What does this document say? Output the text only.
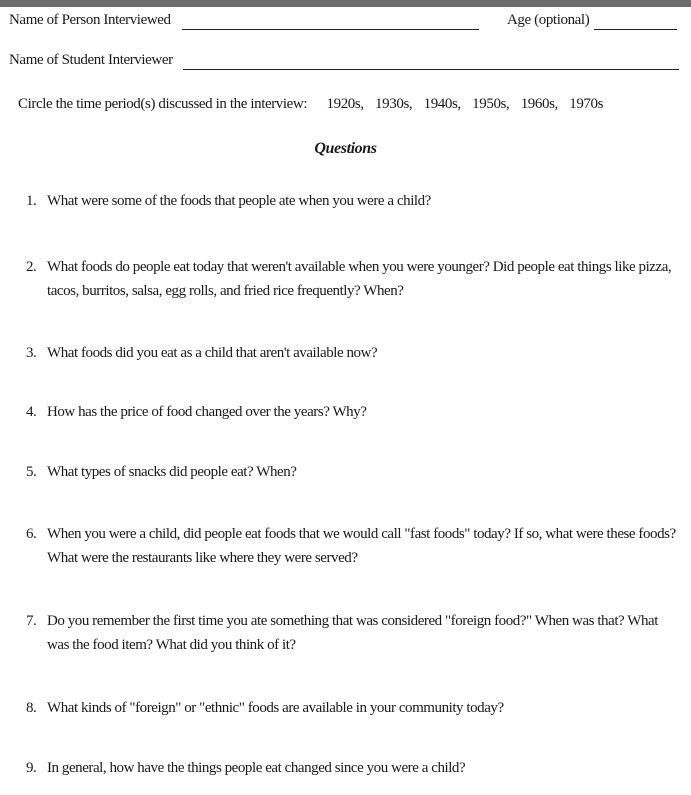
Name of Person Interviewed	Age (optional)
Name of Student Interviewer
Circle the time period(s) discussed in the interview: 1920s, 1930s, 1940s, 1950s, 1960s, 1970s
Questions
1. What were some of the foods that people ate when you were a child?
2. What foods do people eat today that weren't available when you were younger? Did people eat things like pizza, tacos, burritos, salsa, egg rolls, and fried rice frequently? When?
3. What foods did you eat as a child that aren't available now?
4. How has the price of food changed over the years? Why?
5. What types of snacks did people eat? When?
6. When you were a child, did people eat foods that we would call "fast foods" today? If so, what were these foods? What were the restaurants like where they were served?
7. Do you remember the first time you ate something that was considered "foreign food?" When was that? What was the food item? What did you think of it?
8. What kinds of "foreign" or "ethnic" foods are available in your community today?
9. In general, how have the things people eat changed since you were a child?
